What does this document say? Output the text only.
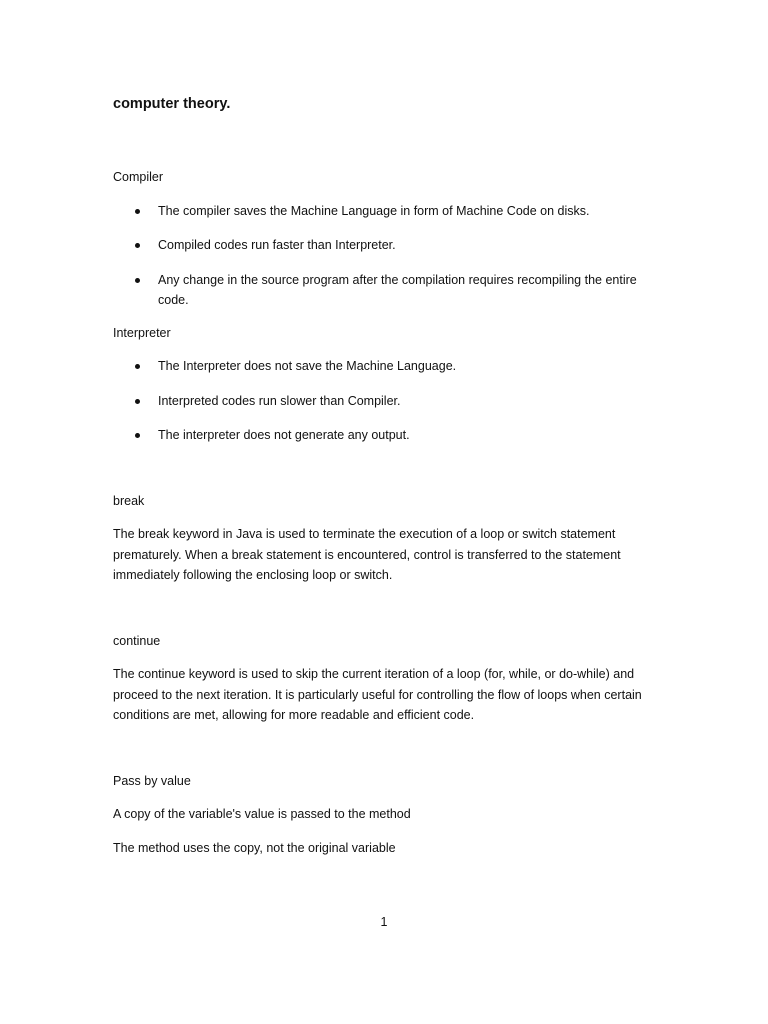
computer theory.

Compiler

The compiler saves the Machine Language in form of Machine Code on disks.
Compiled codes run faster than Interpreter.
Any change in the source program after the compilation requires recompiling the entire code.

Interpreter

The Interpreter does not save the Machine Language.
Interpreted codes run slower than Compiler.
The interpreter does not generate any output.

break

The break keyword in Java is used to terminate the execution of a loop or switch statement prematurely. When a break statement is encountered, control is transferred to the statement immediately following the enclosing loop or switch.

continue

The continue keyword is used to skip the current iteration of a loop (for, while, or do-while) and proceed to the next iteration. It is particularly useful for controlling the flow of loops when certain conditions are met, allowing for more readable and efficient code.

Pass by value

A copy of the variable's value is passed to the method

The method uses the copy, not the original variable

1
